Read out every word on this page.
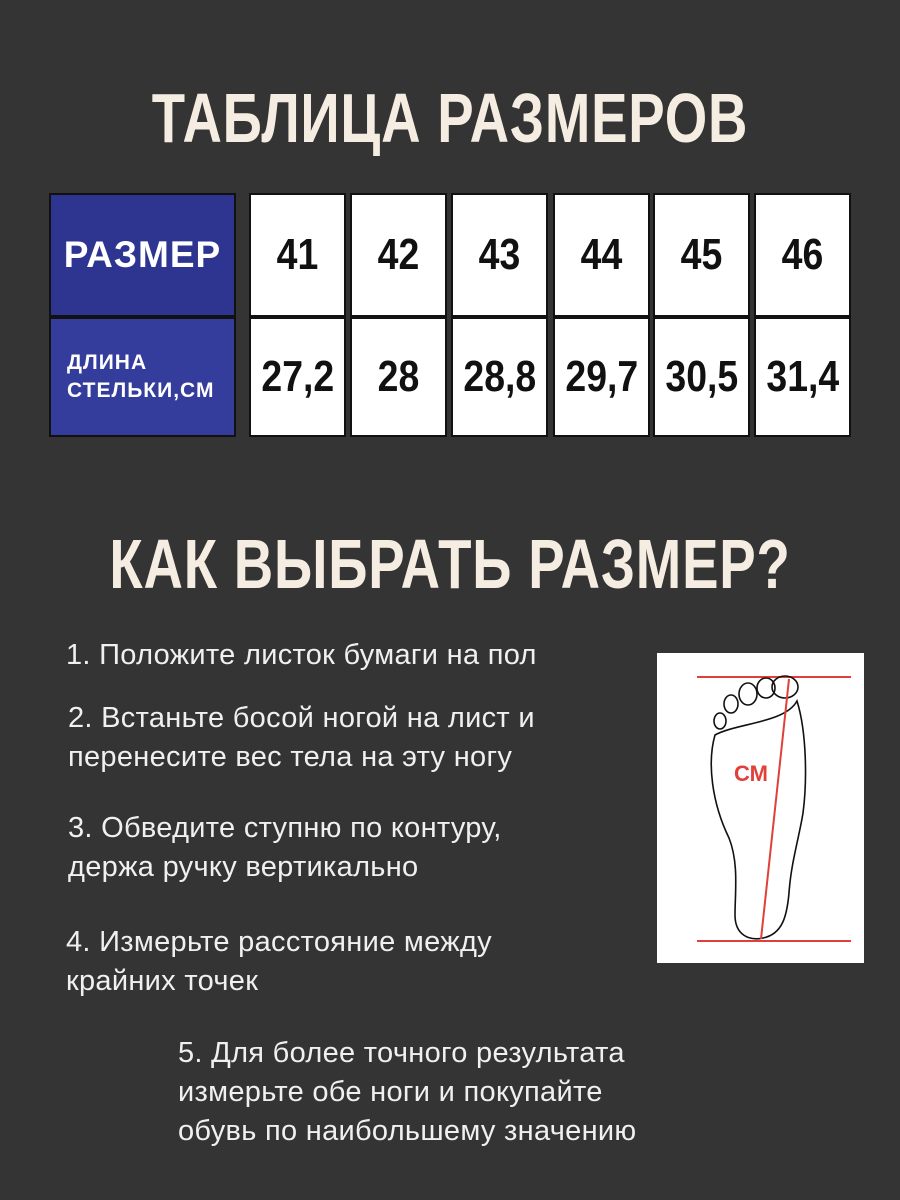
ТАБЛИЦА РАЗМЕРОВ
РАЗМЕР
ДЛИНА
СТЕЛЬКИ,СМ
41 42 43 44 45 46
27,2 28 28,8 29,7 30,5 31,4
КАК ВЫБРАТЬ РАЗМЕР?
1. Положите листок бумаги на пол
2. Встаньте босой ногой на лист и
перенесите вес тела на эту ногу
3. Обведите ступню по контуру,
держа ручку вертикально
4. Измерьте расстояние между
крайних точек
5. Для более точного результата
измерьте обе ноги и покупайте
обувь по наибольшему значению
СМ
